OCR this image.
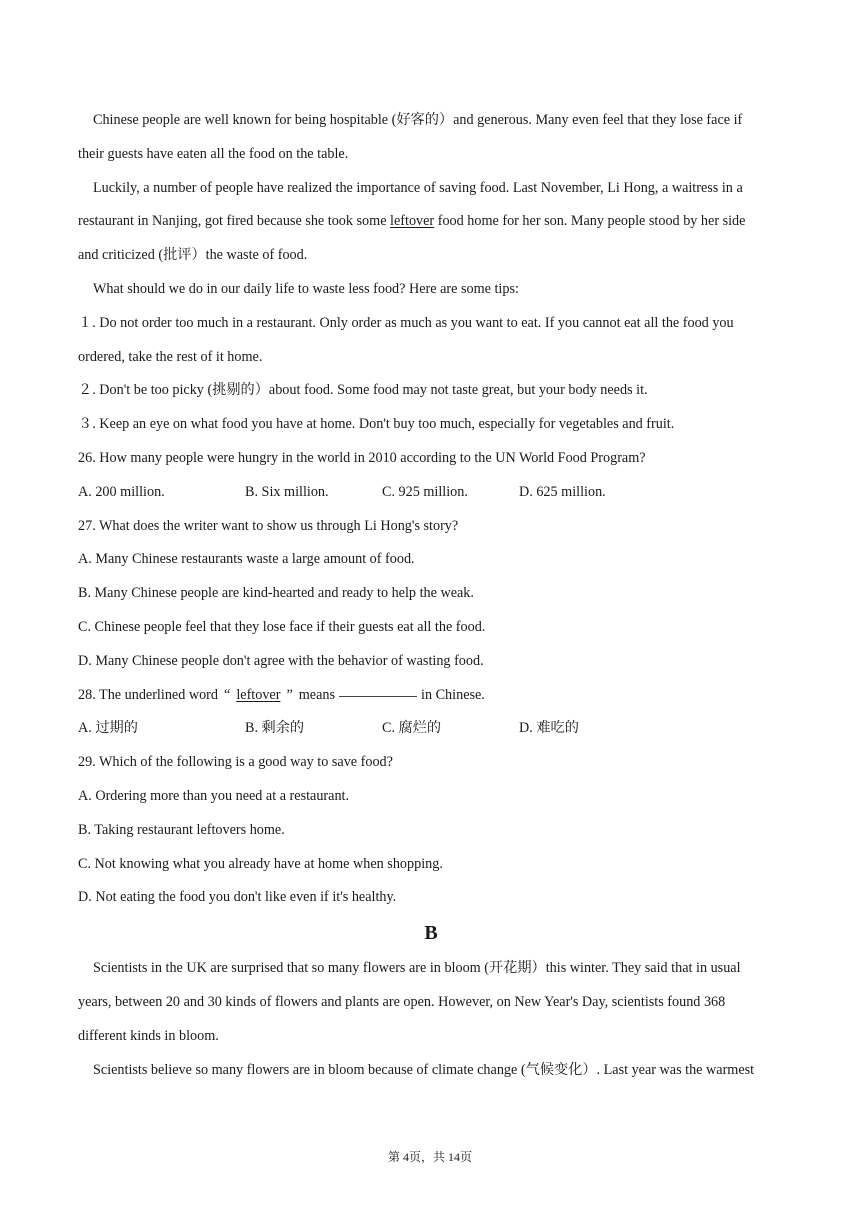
Chinese people are well known for being hospitable (好客的）and generous. Many even feel that they lose face if
their guests have eaten all the food on the table.
Luckily, a number of people have realized the importance of saving food. Last November, Li Hong, a waitress in a
restaurant in Nanjing, got fired because she took some leftover food home for her son. Many people stood by her side
and criticized (批评）the waste of food.
What should we do in our daily life to waste less food? Here are some tips:
１. Do not order too much in a restaurant. Only order as much as you want to eat. If you cannot eat all the food you
ordered, take the rest of it home.
２. Don't be too picky (挑剔的）about food. Some food may not taste great, but your body needs it.
３. Keep an eye on what food you have at home. Don't buy too much, especially for vegetables and fruit.
26. How many people were hungry in the world in 2010 according to the UN World Food Program?
A. 200 million.	B. Six million.	C. 925 million.	D. 625 million.
27. What does the writer want to show us through Li Hong's story?
A. Many Chinese restaurants waste a large amount of food.
B. Many Chinese people are kind-hearted and ready to help the weak.
C. Chinese people feel that they lose face if their guests eat all the food.
D. Many Chinese people don't agree with the behavior of wasting food.
28. The underlined word “ leftover ” means	in Chinese.
A. 过期的	B. 剩余的	C. 腐烂的	D. 难吃的
29. Which of the following is a good way to save food?
A. Ordering more than you need at a restaurant.
B. Taking restaurant leftovers home.
C. Not knowing what you already have at home when shopping.
D. Not eating the food you don't like even if it's healthy.
B
Scientists in the UK are surprised that so many flowers are in bloom (开花期）this winter. They said that in usual
years, between 20 and 30 kinds of flowers and plants are open. However, on New Year's Day, scientists found 368
different kinds in bloom.
Scientists believe so many flowers are in bloom because of climate change (气候变化）. Last year was the warmest
第 4页，共 14页
